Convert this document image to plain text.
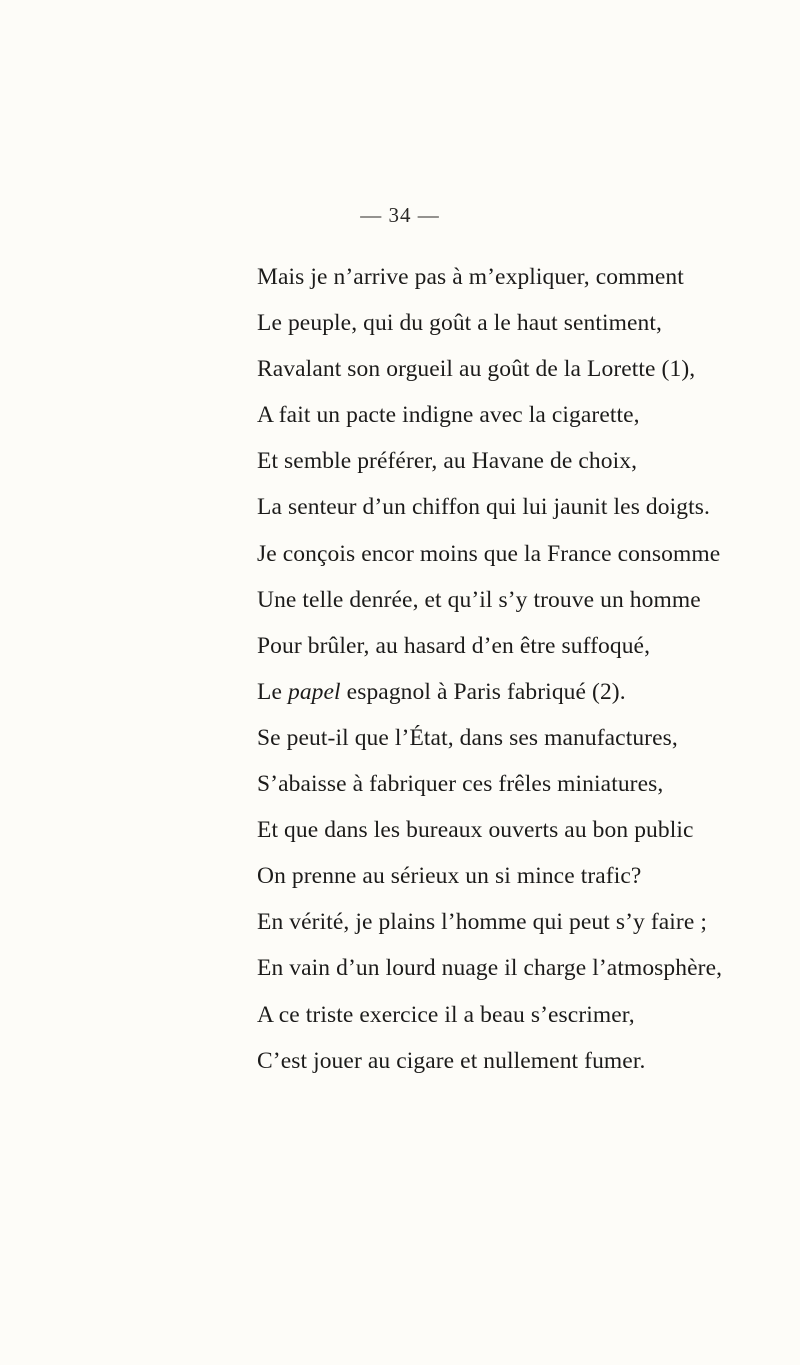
— 34 —
Mais je n’arrive pas à m’expliquer, comment
Le peuple, qui du goût a le haut sentiment,
Ravalant son orgueil au goût de la Lorette (1),
A fait un pacte indigne avec la cigarette,
Et semble préférer, au Havane de choix,
La senteur d’un chiffon qui lui jaunit les doigts.
Je conçois encor moins que la France consomme
Une telle denrée, et qu’il s’y trouve un homme
Pour brûler, au hasard d’en être suffoqué,
Le papel espagnol à Paris fabriqué (2).
Se peut-il que l’État, dans ses manufactures,
S’abaisse à fabriquer ces frêles miniatures,
Et que dans les bureaux ouverts au bon public
On prenne au sérieux un si mince trafic?
En vérité, je plains l’homme qui peut s’y faire ;
En vain d’un lourd nuage il charge l’atmosphère,
A ce triste exercice il a beau s’escrimer,
C’est jouer au cigare et nullement fumer.
